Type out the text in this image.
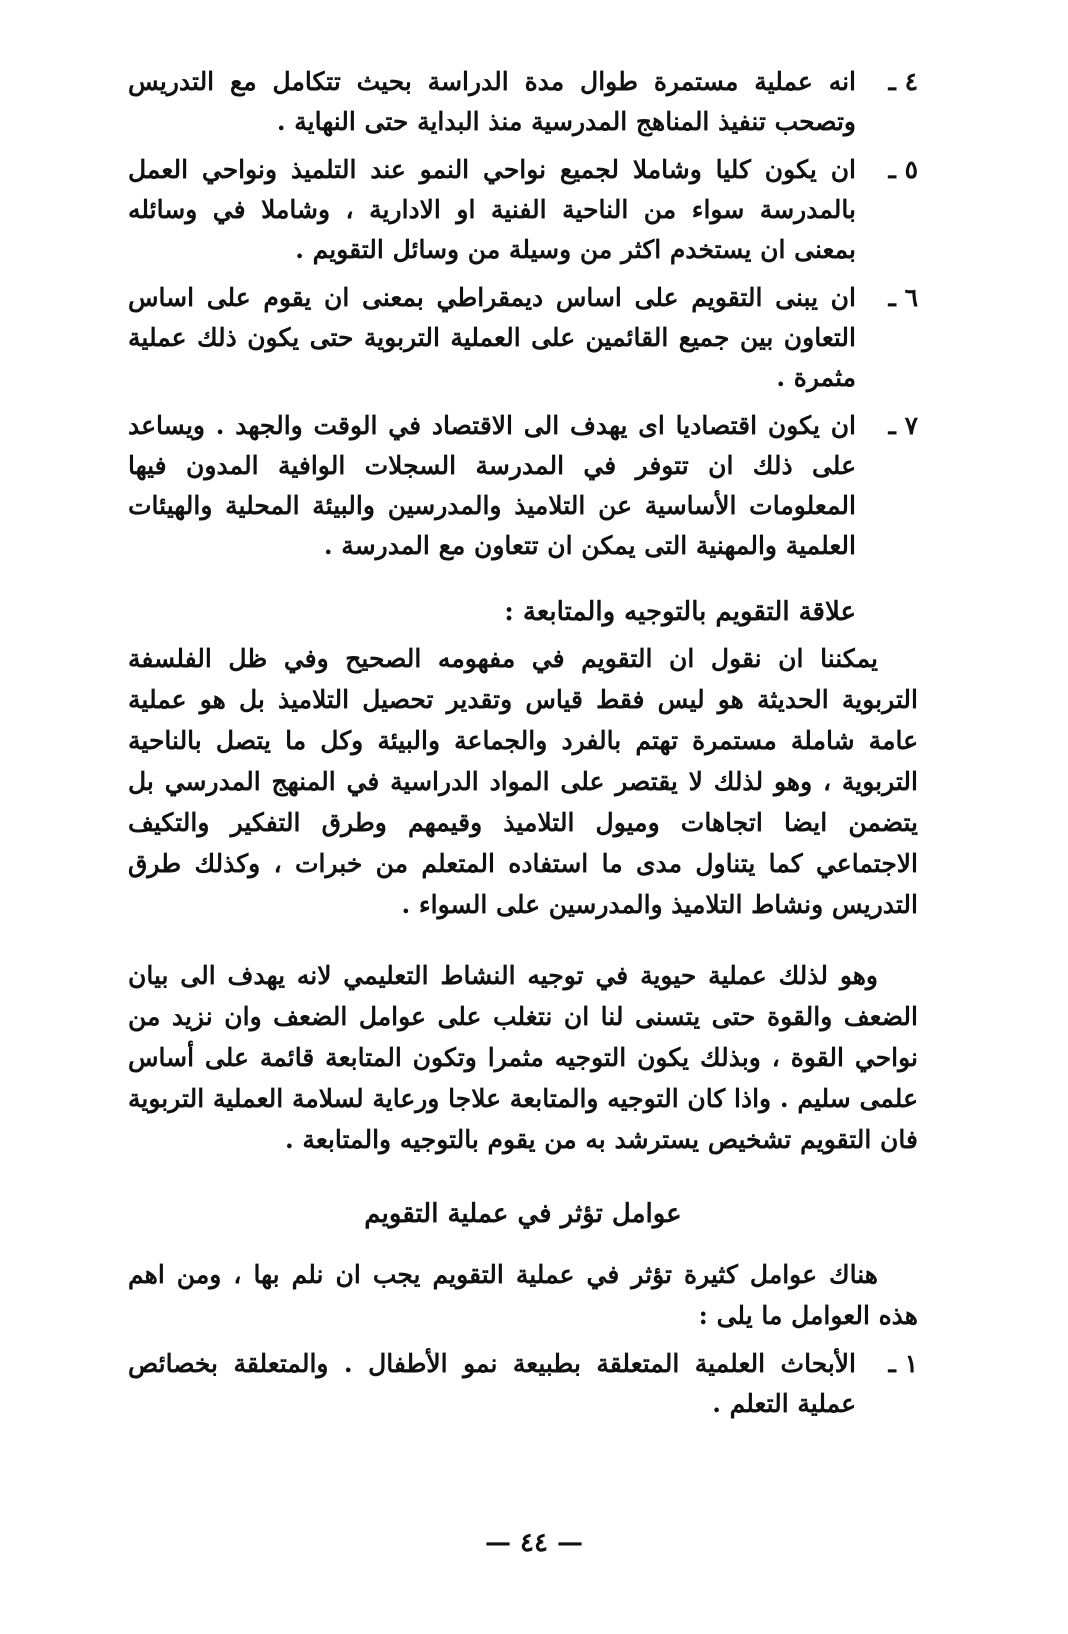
٤ ـ
انه عملية مستمرة طوال مدة الدراسة بحيث تتكامل مع التدريس وتصحب تنفيذ المناهج المدرسية منذ البداية حتى النهاية .
٥ ـ
ان يكون كليا وشاملا لجميع نواحي النمو عند التلميذ ونواحي العمل بالمدرسة سواء من الناحية الفنية او الادارية ، وشاملا في وسائله بمعنى ان يستخدم اكثر من وسيلة من وسائل التقويم .
٦ ـ
ان يبنى التقويم على اساس ديمقراطي بمعنى ان يقوم على اساس التعاون بين جميع القائمين على العملية التربوية حتى يكون ذلك عملية مثمرة .
٧ ـ
ان يكون اقتصاديا اى يهدف الى الاقتصاد في الوقت والجهد . ويساعد على ذلك ان تتوفر في المدرسة السجلات الوافية المدون فيها المعلومات الأساسية عن التلاميذ والمدرسين والبيئة المحلية والهيئات العلمية والمهنية التى يمكن ان تتعاون مع المدرسة .
علاقة التقويم بالتوجيه والمتابعة :

يمكننا ان نقول ان التقويم في مفهومه الصحيح وفي ظل الفلسفة التربوية الحديثة هو ليس فقط قياس وتقدير تحصيل التلاميذ بل هو عملية عامة شاملة مستمرة تهتم بالفرد والجماعة والبيئة وكل ما يتصل بالناحية التربوية ، وهو لذلك لا يقتصر على المواد الدراسية في المنهج المدرسي بل يتضمن ايضا اتجاهات وميول التلاميذ وقيمهم وطرق التفكير والتكيف الاجتماعي كما يتناول مدى ما استفاده المتعلم من خبرات ، وكذلك طرق التدريس ونشاط التلاميذ والمدرسين على السواء .

وهو لذلك عملية حيوية في توجيه النشاط التعليمي لانه يهدف الى بيان الضعف والقوة حتى يتسنى لنا ان نتغلب على عوامل الضعف وان نزيد من نواحي القوة ، وبذلك يكون التوجيه مثمرا وتكون المتابعة قائمة على أساس علمى سليم . واذا كان التوجيه والمتابعة علاجا ورعاية لسلامة العملية التربوية فان التقويم تشخيص يسترشد به من يقوم بالتوجيه والمتابعة .

عوامل تؤثر في عملية التقويم

هناك عوامل كثيرة تؤثر في عملية التقويم يجب ان نلم بها ، ومن اهم هذه العوامل ما يلى :

١ ـ
الأبحاث العلمية المتعلقة بطبيعة نمو الأطفال . والمتعلقة بخصائص عملية التعلم .
— ٤٤ —
